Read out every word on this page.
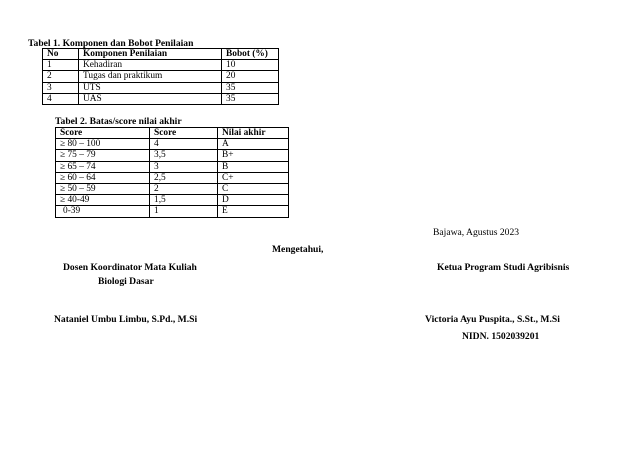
Tabel 1. Komponen dan Bobot Penilaian
No	Komponen Penilaian	Bobot (%)
1	Kehadiran	10
2	Tugas dan praktikum	20
3	UTS	35
4	UAS	35
Tabel 2. Batas/score nilai akhir
Score	Score	Nilai akhir
≥ 80 – 100	4	A
≥ 75 – 79	3,5	B+
≥ 65 – 74	3	B
≥ 60 – 64	2,5	C+
≥ 50 – 59	2	C
≥ 40-49	1,5	D
0-39	1	E
Bajawa, Agustus 2023
Mengetahui,
Dosen Koordinator Mata Kuliah
Biologi Dasar
Ketua Program Studi Agribisnis
Nataniel Umbu Limbu, S.Pd., M.Si	Victoria Ayu Puspita., S.St., M.Si
NIDN. 1502039201
